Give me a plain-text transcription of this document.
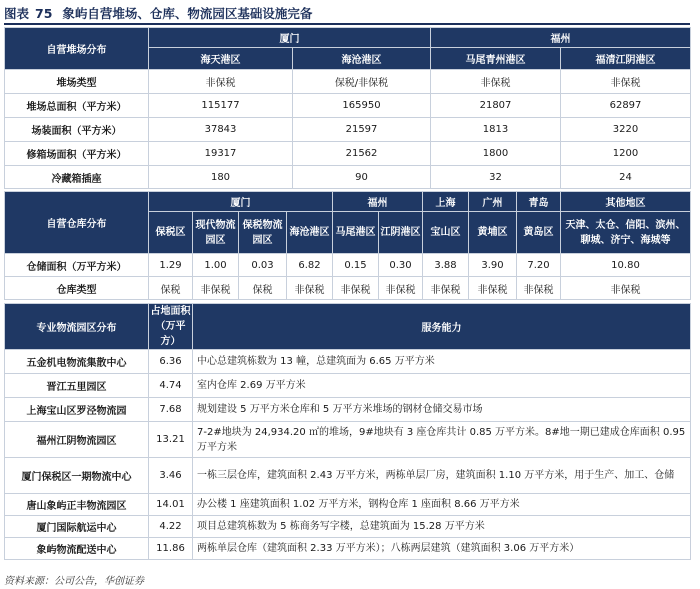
图表 75 象屿自营堆场、仓库、物流园区基础设施完备
自营堆场分布	厦门		福州	
	海天港区	海沧港区	马尾青州港区	福清江阴港区
堆场类型	非保税	保税/非保税	非保税	非保税
堆场总面积（平方米）	115177	165950	21807	62897
场装面积（平方米）	37843	21597	1813	3220
修箱场面积（平方米）	19317	21562	1800	1200
冷藏箱插座	180	90	32	24
自营仓库分布	厦门				福州		上海	广州	青岛	其他地区
	保税区	现代物流园区	保税物流园区	海沧港区	马尾港区	江阴港区	宝山区	黄埔区	黄岛区	天津、太仓、信阳、滨州、聊城、济宁、海城等
仓储面积（万平方米）	1.29	1.00	0.03	6.82	0.15	0.30	3.88	3.90	7.20	10.80
仓库类型	保税	非保税	保税	非保税	非保税	非保税	非保税	非保税	非保税	非保税
专业物流园区分布	占地面积（万平方）	服务能力
五金机电物流集散中心	6.36	中心总建筑栋数为 13 幢，总建筑面为 6.65 万平方米
晋江五里园区	4.74	室内仓库 2.69 万平方米
上海宝山区罗泾物流园	7.68	规划建设 5 万平方米仓库和 5 万平方米堆场的钢材仓储交易市场
福州江阴物流园区	13.21	7-2#地块为 24,934.20 ㎡的堆场，9#地块有 3 座仓库共计 0.85 万平方米。8#地一期已建成仓库面积 0.95 万平方米
厦门保税区一期物流中心	3.46	一栋三层仓库，建筑面积 2.43 万平方米，两栋单层厂房，建筑面积 1.10 万平方米，用于生产、加工、仓储
唐山象屿正丰物流园区	14.01	办公楼 1 座建筑面积 1.02 万平方米，钢构仓库 1 座面积 8.66 万平方米
厦门国际航运中心	4.22	项目总建筑栋数为 5 栋商务写字楼，总建筑面为 15.28 万平方米
象屿物流配送中心	11.86	两栋单层仓库（建筑面积 2.33 万平方米）；八栋两层建筑（建筑面积 3.06 万平方米）
资料来源：公司公告，华创证券
